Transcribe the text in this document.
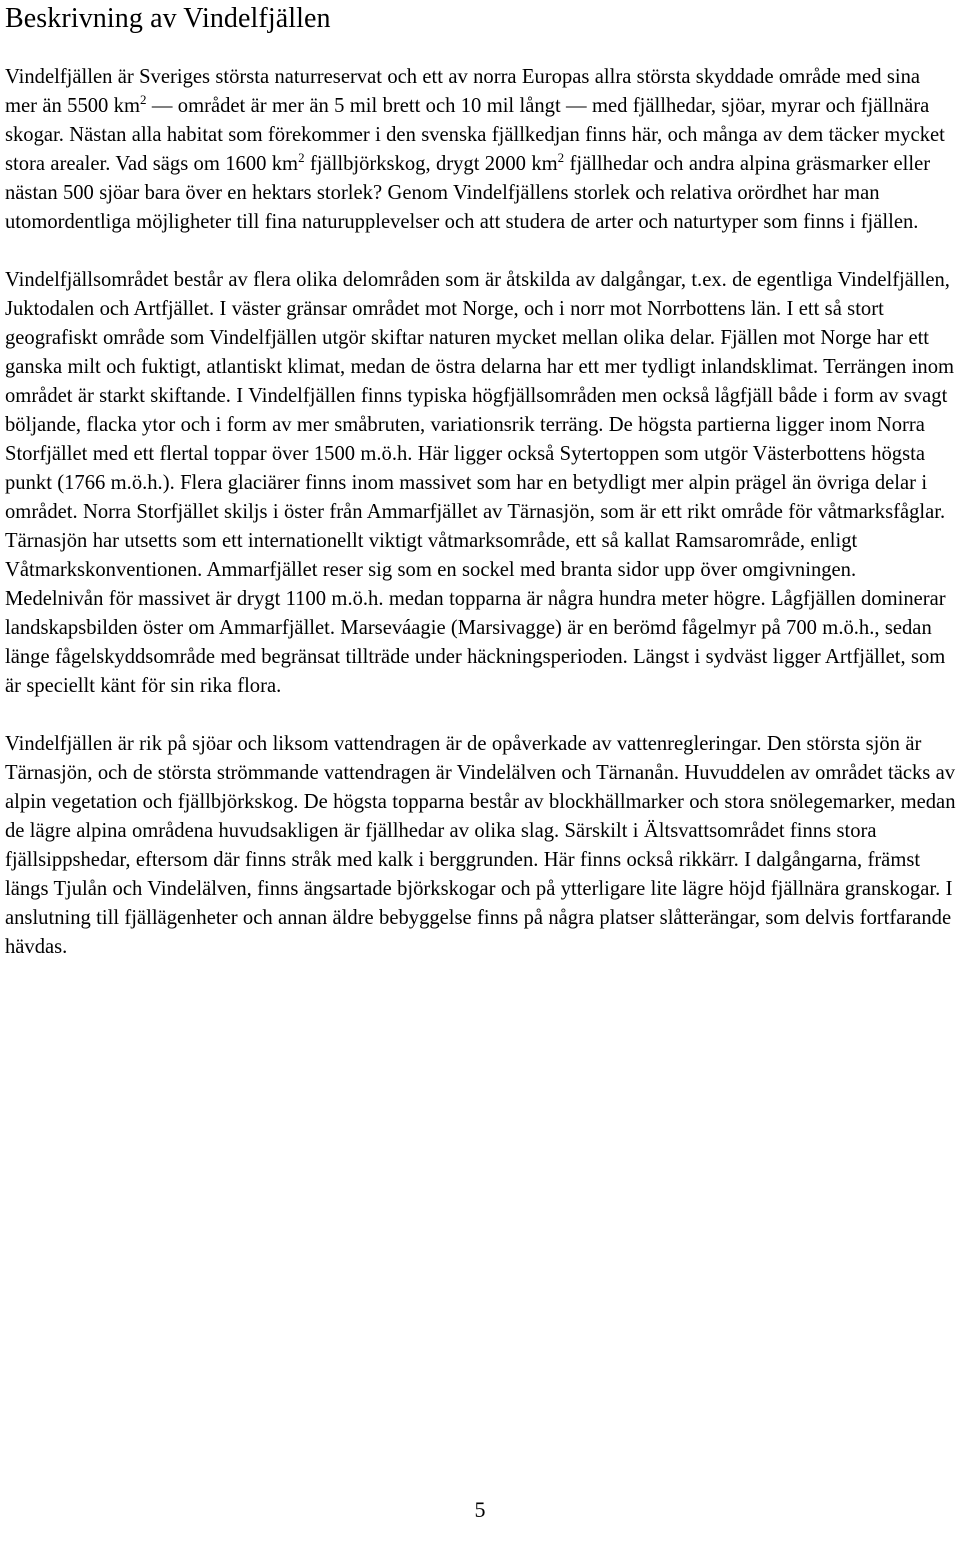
Beskrivning av Vindelfjällen

Vindelfjällen är Sveriges största naturreservat och ett av norra Europas allra största skyddade område med sina mer än 5500 $km^2$ — området är mer än 5 mil brett och 10 mil långt — med fjällhedar, sjöar, myrar och fjällnära skogar. Nästan alla habitat som förekommer i den svenska fjällkedjan finns här, och många av dem täcker mycket stora arealer. Vad sägs om 1600 $km^2$ fjällbjörkskog, drygt 2000 $km^2$ fjällhedar och andra alpina gräsmarker eller nästan 500 sjöar bara över en hektars storlek? Genom Vindelfjällens storlek och relativa orördhet har man utomordentliga möjligheter till fina naturupplevelser och att studera de arter och naturtyper som finns i fjällen.

Vindelfjällsområdet består av flera olika delområden som är åtskilda av dalgångar, t.ex. de egentliga Vindelfjällen, Juktodalen och Artfjället. I väster gränsar området mot Norge, och i norr mot Norrbottens län. I ett så stort geografiskt område som Vindelfjällen utgör skiftar naturen mycket mellan olika delar. Fjällen mot Norge har ett ganska milt och fuktigt, atlantiskt klimat, medan de östra delarna har ett mer tydligt inlandsklimat. Terrängen inom området är starkt skiftande. I Vindelfjällen finns typiska högfjällsområden men också lågfjäll både i form av svagt böljande, flacka ytor och i form av mer småbruten, variationsrik terräng. De högsta partierna ligger inom Norra Storfjället med ett flertal toppar över 1500 m.ö.h. Här ligger också Sytertoppen som utgör Västerbottens högsta punkt (1766 m.ö.h.). Flera glaciärer finns inom massivet som har en betydligt mer alpin prägel än övriga delar i området. Norra Storfjället skiljs i öster från Ammarfjället av Tärnasjön, som är ett rikt område för våtmarksfåglar. Tärnasjön har utsetts som ett internationellt viktigt våtmarksområde, ett så kallat Ramsarområde, enligt Våtmarkskonventionen. Ammarfjället reser sig som en sockel med branta sidor upp över omgivningen. Medelnivån för massivet är drygt 1100 m.ö.h. medan topparna är några hundra meter högre. Lågfjällen dominerar landskapsbilden öster om Ammarfjället. Marseváagie (Marsivagge) är en berömd fågelmyr på 700 m.ö.h., sedan länge fågelskyddsområde med begränsat tillträde under häckningsperioden. Längst i sydväst ligger Artfjället, som är speciellt känt för sin rika flora.

Vindelfjällen är rik på sjöar och liksom vattendragen är de opåverkade av vattenregleringar. Den största sjön är Tärnasjön, och de största strömmande vattendragen är Vindelälven och Tärnanån. Huvuddelen av området täcks av alpin vegetation och fjällbjörkskog. De högsta topparna består av blockhällmarker och stora snölegemarker, medan de lägre alpina områdena huvudsakligen är fjällhedar av olika slag. Särskilt i Ältsvattsområdet finns stora fjällsippshedar, eftersom där finns stråk med kalk i berggrunden. Här finns också rikkärr. I dalgångarna, främst längs Tjulån och Vindelälven, finns ängsartade björkskogar och på ytterligare lite lägre höjd fjällnära granskogar. I anslutning till fjällägenheter och annan äldre bebyggelse finns på några platser slåtterängar, som delvis fortfarande hävdas.

5
